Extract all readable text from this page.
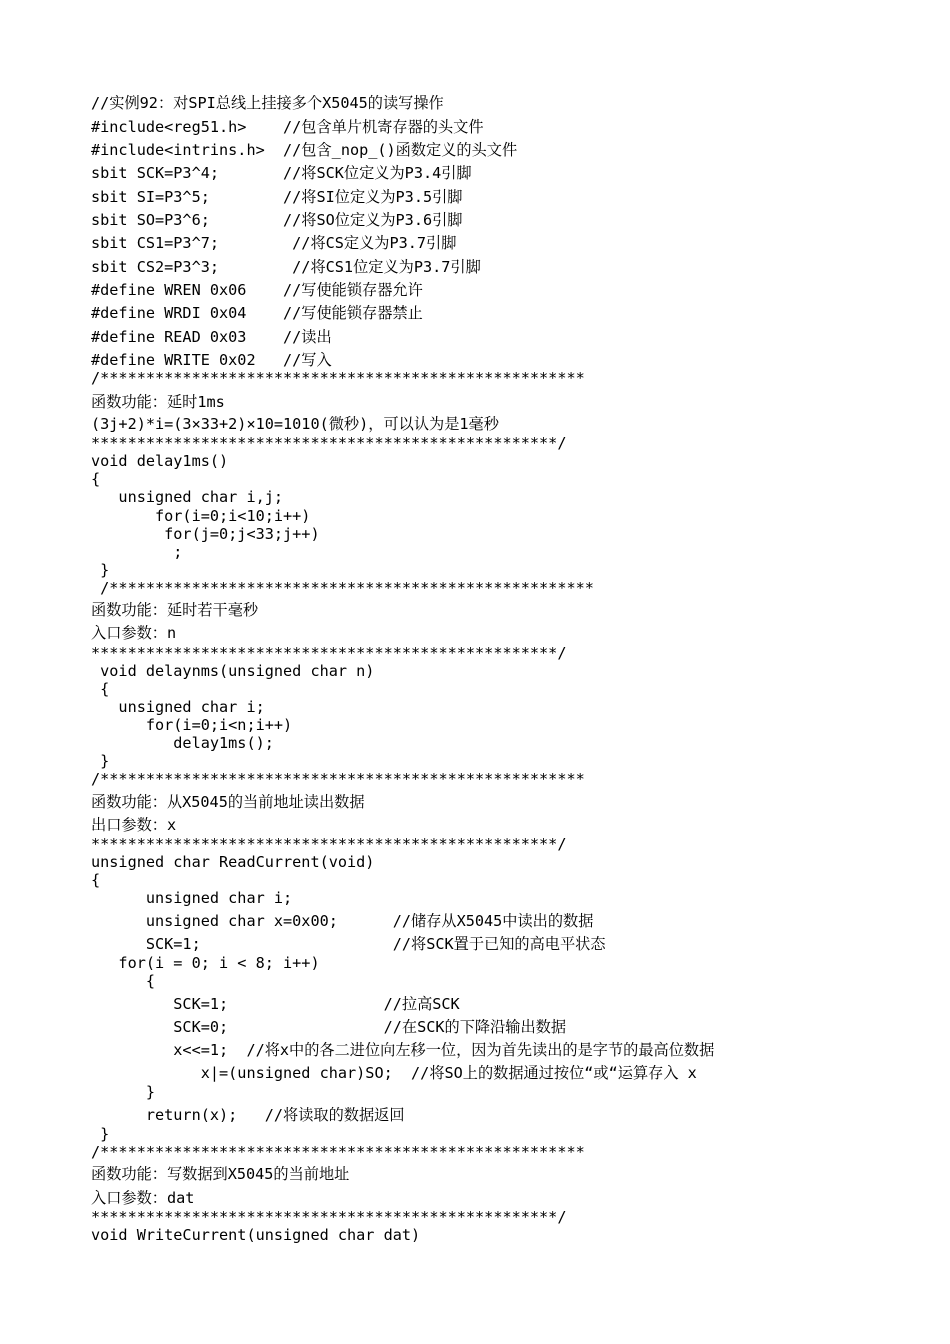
//实例92：对SPI总线上挂接多个X5045的读写操作

#include<reg51.h>    //包含单片机寄存器的头文件

#include<intrins.h>  //包含_nop_()函数定义的头文件

sbit SCK=P3^4;       //将SCK位定义为P3.4引脚

sbit SI=P3^5;        //将SI位定义为P3.5引脚

sbit SO=P3^6;        //将SO位定义为P3.6引脚

sbit CS1=P3^7;        //将CS定义为P3.7引脚

sbit CS2=P3^3;        //将CS1位定义为P3.7引脚

#define WREN 0x06    //写使能锁存器允许

#define WRDI 0x04    //写使能锁存器禁止

#define READ 0x03    //读出

#define WRITE 0x02   //写入

/*****************************************************

函数功能：延时1ms

(3j+2)*i=(3×33+2)×10=1010(微秒)，可以认为是1毫秒

***************************************************/

void delay1ms()

{

unsigned char i,j;

for(i=0;i<10;i++)

for(j=0;j<33;j++)

;

}

/*****************************************************

函数功能：延时若干毫秒

入口参数：n

***************************************************/

void delaynms(unsigned char n)

{

unsigned char i;

for(i=0;i<n;i++)

delay1ms();

}

/*****************************************************

函数功能：从X5045的当前地址读出数据

出口参数：x

***************************************************/

unsigned char ReadCurrent(void)

{

unsigned char i;

unsigned char x=0x00;      //储存从X5045中读出的数据

SCK=1;                     //将SCK置于已知的高电平状态

for(i = 0; i < 8; i++)

{

SCK=1;                 //拉高SCK

SCK=0;                 //在SCK的下降沿输出数据

x<<=1;  //将x中的各二进位向左移一位，因为首先读出的是字节的最高位数据

x|=(unsigned char)SO;  //将SO上的数据通过按位“或“运算存入 x

}

return(x);   //将读取的数据返回

}

/*****************************************************

函数功能：写数据到X5045的当前地址

入口参数：dat

***************************************************/

void WriteCurrent(unsigned char dat)
